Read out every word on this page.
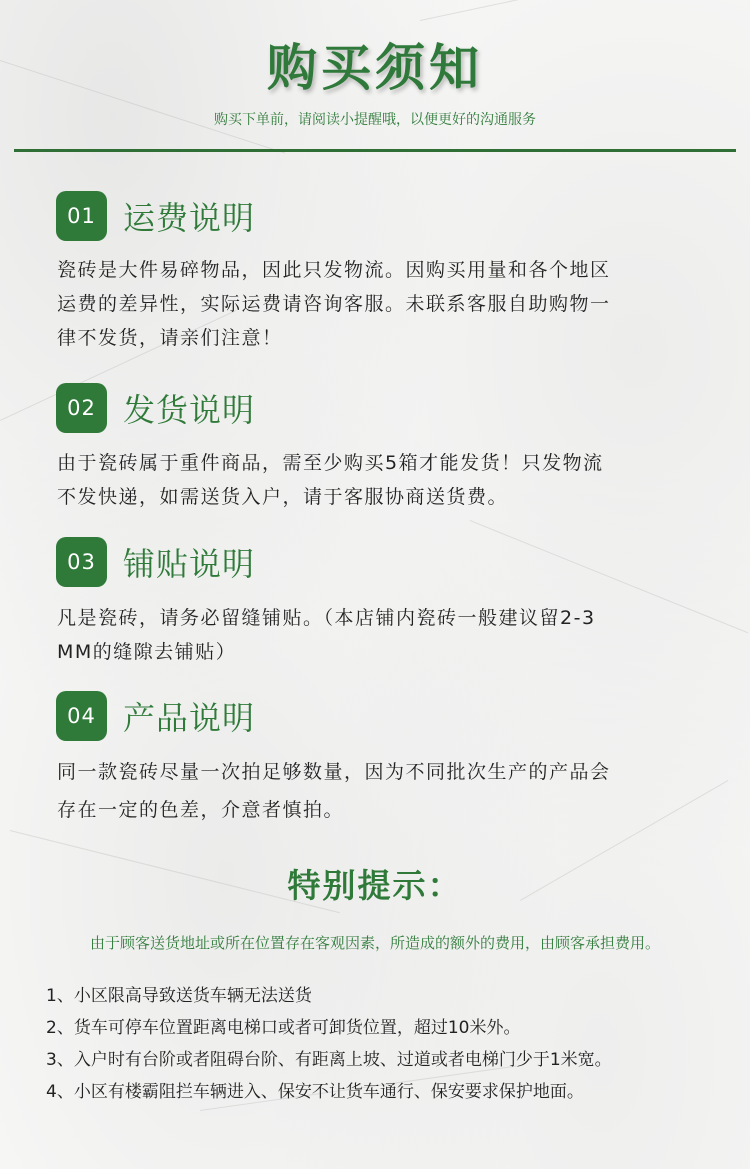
购买须知
购买下单前，请阅读小提醒哦，以便更好的沟通服务
01 运费说明
瓷砖是大件易碎物品，因此只发物流。因购买用量和各个地区
运费的差异性，实际运费请咨询客服。未联系客服自助购物一
律不发货，请亲们注意！
02 发货说明
由于瓷砖属于重件商品，需至少购买5箱才能发货！只发物流
不发快递，如需送货入户，请于客服协商送货费。
03 铺贴说明
凡是瓷砖，请务必留缝铺贴。（本店铺内瓷砖一般建议留2-3
MM的缝隙去铺贴）
04 产品说明
同一款瓷砖尽量一次拍足够数量，因为不同批次生产的产品会
存在一定的色差，介意者慎拍。
特别提示：
由于顾客送货地址或所在位置存在客观因素，所造成的额外的费用，由顾客承担费用。
1、小区限高导致送货车辆无法送货
2、货车可停车位置距离电梯口或者可卸货位置，超过10米外。
3、入户时有台阶或者阻碍台阶、有距离上坡、过道或者电梯门少于1米宽。
4、小区有楼霸阻拦车辆进入、保安不让货车通行、保安要求保护地面。
